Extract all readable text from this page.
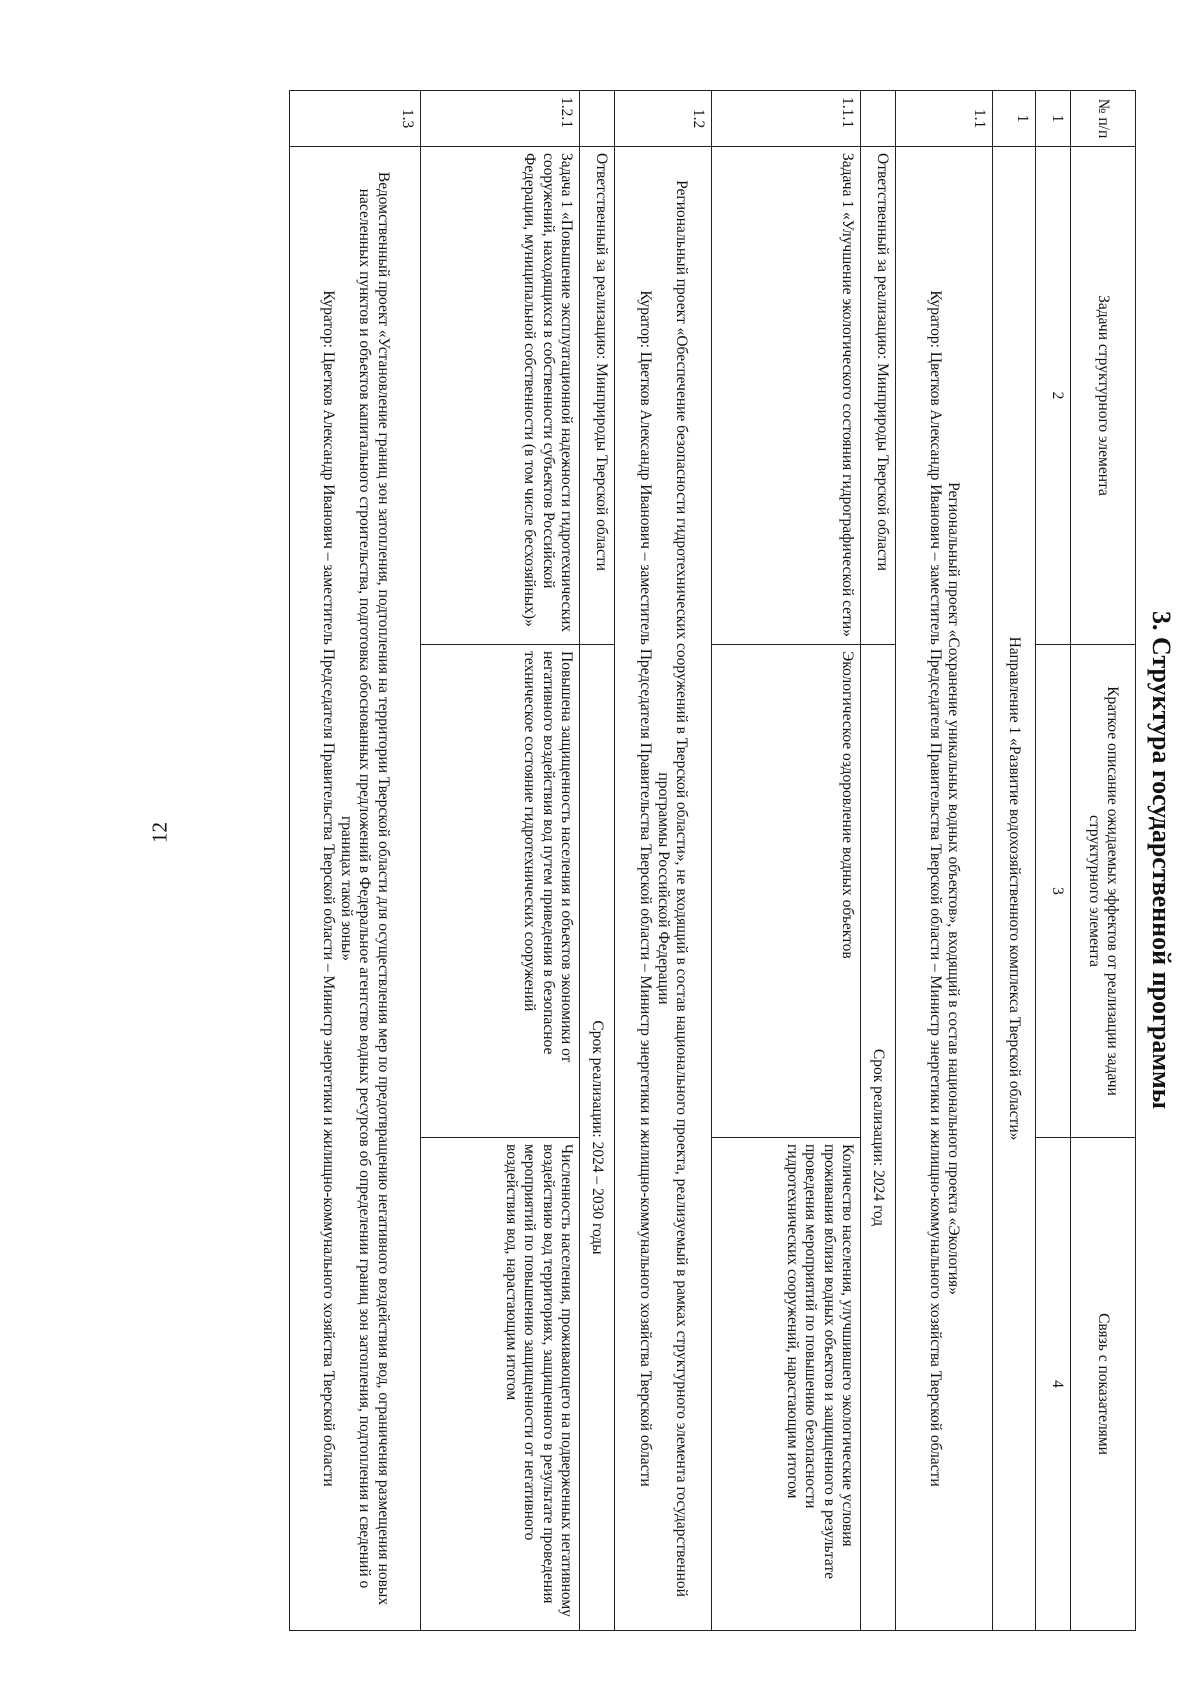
12	3. Структура государственной программы
№ п/п	Задачи структурного элемента	Краткое описание ожидаемых эффектов от реализации задачи структурного элемента	Связь с показателями
1	2	3	4
1	Направление 1 «Развитие водохозяйственного комплекса Тверской области»		
1.1	Региональный проект «Сохранение уникальных водных объектов», входящий в состав национального проекта «Экология»
Куратор: Цветков Александр Иванович – заместитель Председателя Правительства Тверской области – Министр энергетики и жилищно-коммунального хозяйства Тверской области		

	Ответственный за реализацию: Минприроды Тверской области	Срок реализации: 2024 год	
1.1.1	Задача 1 «Улучшение экологического состояния гидрографической сети»	Экологическое оздоровление водных объектов	Количество населения, улучшившего экологические условия проживания вблизи водных объектов и защищенного в результате проведения мероприятий по повышению безопасности гидротехнических сооружений, нарастающим итогом
1.2	Региональный проект «Обеспечение безопасности гидротехнических сооружений в Тверской области», не входящий в состав национального проекта, реализуемый в рамках структурного элемента государственной программы Российской Федерации
Куратор: Цветков Александр Иванович – заместитель Председателя Правительства Тверской области – Министр энергетики и жилищно-коммунального хозяйства Тверской области		

	Ответственный за реализацию: Минприроды Тверской области	Срок реализации: 2024 – 2030 годы	
1.2.1	Задача 1 «Повышение эксплуатационной надежности гидротехнических сооружений, находящихся в собственности субъектов Российской Федерации, муниципальной собственности (в том числе бесхозяйных)»	Повышена защищенность населения и объектов экономики от негативного воздействия вод путем приведения в безопасное техническое состояние гидротехнических сооружений	Численность населения, проживающего на подверженных негативному воздействию вод территориях, защищенного в результате проведения мероприятий по повышению защищенности от негативного воздействия вод, нарастающим итогом
1.3	Ведомственный проект «Установление границ зон затопления, подтопления на территории Тверской области для осуществления мер по предотвращению негативного воздействия вод, ограничения размещения новых населенных пунктов и объектов капитального строительства, подготовка обоснованных предложений в Федеральное агентство водных ресурсов об определении границ зон затопления, подтопления и сведений о границах такой зоны»
Куратор: Цветков Александр Иванович – заместитель Председателя Правительства Тверской области – Министр энергетики и жилищно-коммунального хозяйства Тверской области		
